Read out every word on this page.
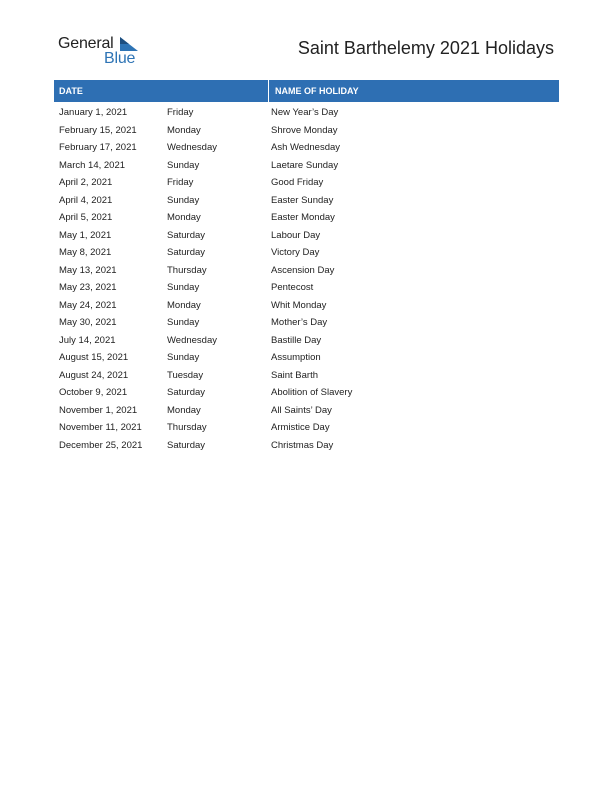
General
Blue
Saint Barthelemy 2021 Holidays
DATE	NAME OF HOLIDAY
January 1, 2021	Friday	New Year’s Day
February 15, 2021	Monday	Shrove Monday
February 17, 2021	Wednesday	Ash Wednesday
March 14, 2021	Sunday	Laetare Sunday
April 2, 2021	Friday	Good Friday
April 4, 2021	Sunday	Easter Sunday
April 5, 2021	Monday	Easter Monday
May 1, 2021	Saturday	Labour Day
May 8, 2021	Saturday	Victory Day
May 13, 2021	Thursday	Ascension Day
May 23, 2021	Sunday	Pentecost
May 24, 2021	Monday	Whit Monday
May 30, 2021	Sunday	Mother’s Day
July 14, 2021	Wednesday	Bastille Day
August 15, 2021	Sunday	Assumption
August 24, 2021	Tuesday	Saint Barth
October 9, 2021	Saturday	Abolition of Slavery
November 1, 2021	Monday	All Saints’ Day
November 11, 2021	Thursday	Armistice Day
December 25, 2021	Saturday	Christmas Day
